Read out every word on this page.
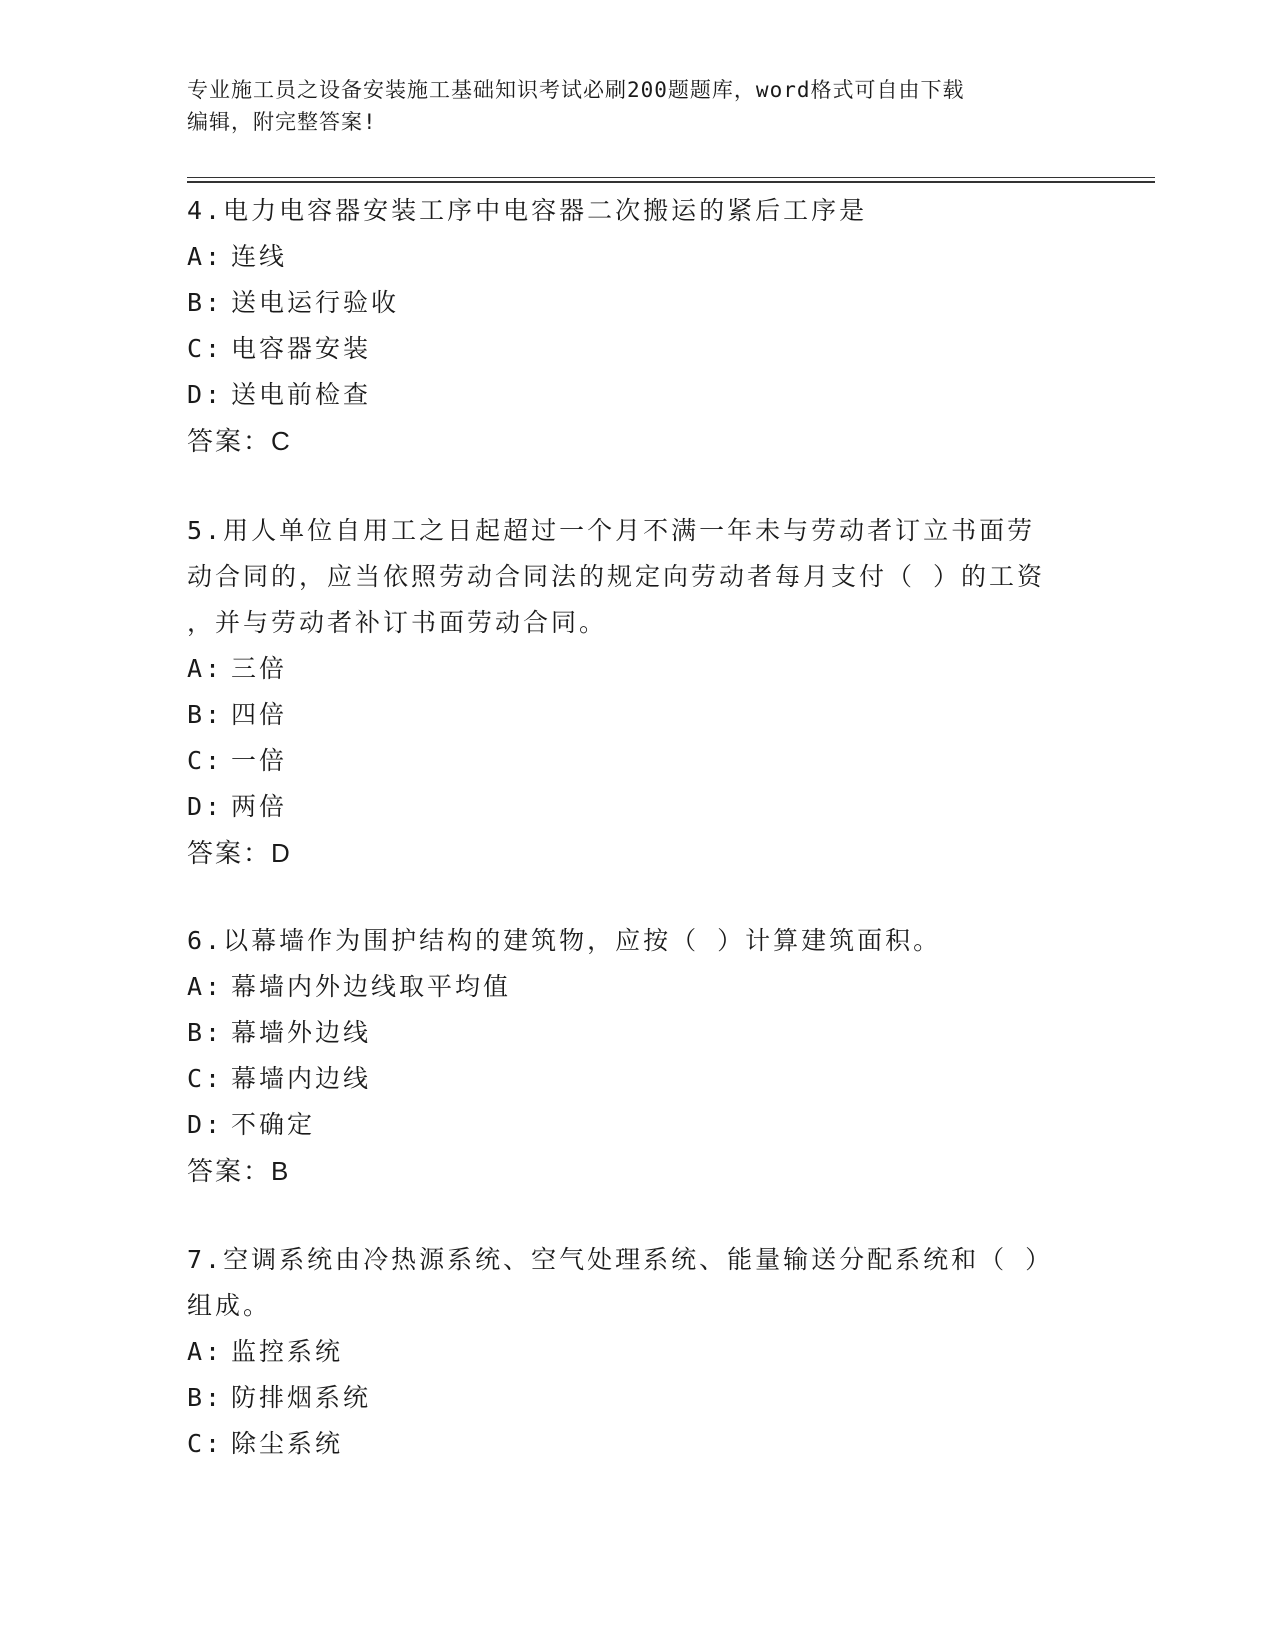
专业施工员之设备安装施工基础知识考试必刷200题题库，word格式可自由下载
编辑，附完整答案!

4.电力电容器安装工序中电容器二次搬运的紧后工序是

A: 连线

B: 送电运行验收

C: 电容器安装

D: 送电前检查

答案：C

5.用人单位自用工之日起超过一个月不满一年未与劳动者订立书面劳

动合同的，应当依照劳动合同法的规定向劳动者每月支付（ ）的工资

，并与劳动者补订书面劳动合同。

A: 三倍

B: 四倍

C: 一倍

D: 两倍

答案：D

6.以幕墙作为围护结构的建筑物，应按（ ）计算建筑面积。

A: 幕墙内外边线取平均值

B: 幕墙外边线

C: 幕墙内边线

D: 不确定

答案：B

7.空调系统由冷热源系统、空气处理系统、能量输送分配系统和（ ）

组成。

A: 监控系统

B: 防排烟系统

C: 除尘系统
